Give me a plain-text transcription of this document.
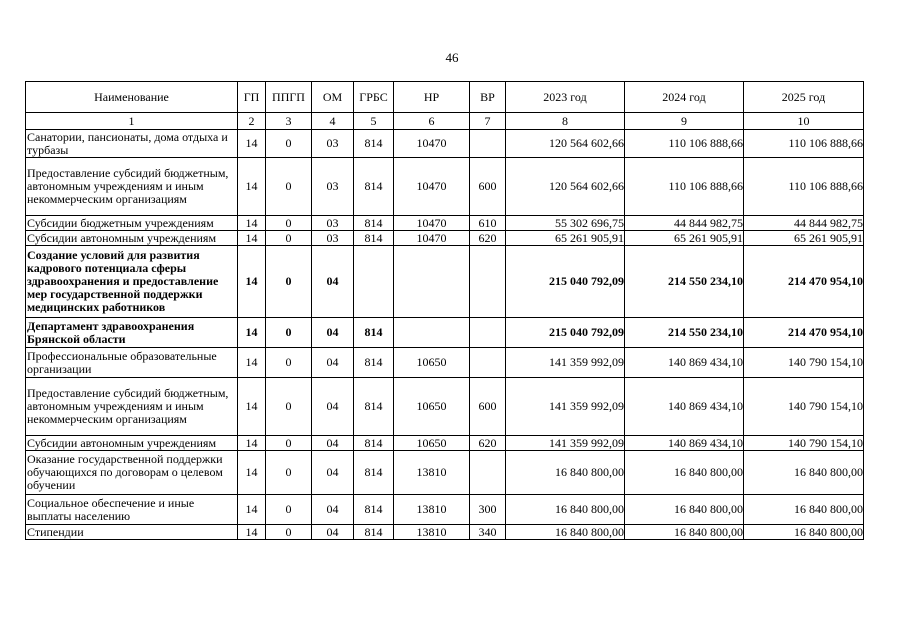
46
Наименование	ГП	ППГП	ОМ	ГРБС	НР	ВР	2023 год	2024 год	2025 год
1	2	3	4	5	6	7	8	9	10
Санатории, пансионаты, дома отдыха и турбазы	14	0	03	814	10470		120 564 602,66	110 106 888,66	110 106 888,66
Предоставление субсидий бюджетным, автономным учреждениям и иным некоммерческим организациям	14	0	03	814	10470	600	120 564 602,66	110 106 888,66	110 106 888,66
Субсидии бюджетным учреждениям	14	0	03	814	10470	610	55 302 696,75	44 844 982,75	44 844 982,75
Субсидии автономным учреждениям	14	0	03	814	10470	620	65 261 905,91	65 261 905,91	65 261 905,91
Создание условий для развития кадрового потенциала сферы здравоохранения и предоставление мер государственной поддержки медицинских работников	14	0	04				215 040 792,09	214 550 234,10	214 470 954,10
Департамент здравоохранения Брянской области	14	0	04	814			215 040 792,09	214 550 234,10	214 470 954,10
Профессиональные образовательные организации	14	0	04	814	10650		141 359 992,09	140 869 434,10	140 790 154,10
Предоставление субсидий бюджетным, автономным учреждениям и иным некоммерческим организациям	14	0	04	814	10650	600	141 359 992,09	140 869 434,10	140 790 154,10
Субсидии автономным учреждениям	14	0	04	814	10650	620	141 359 992,09	140 869 434,10	140 790 154,10
Оказание государственной поддержки обучающихся по договорам о целевом обучении	14	0	04	814	13810		16 840 800,00	16 840 800,00	16 840 800,00
Социальное обеспечение и иные выплаты населению	14	0	04	814	13810	300	16 840 800,00	16 840 800,00	16 840 800,00
Стипендии	14	0	04	814	13810	340	16 840 800,00	16 840 800,00	16 840 800,00
